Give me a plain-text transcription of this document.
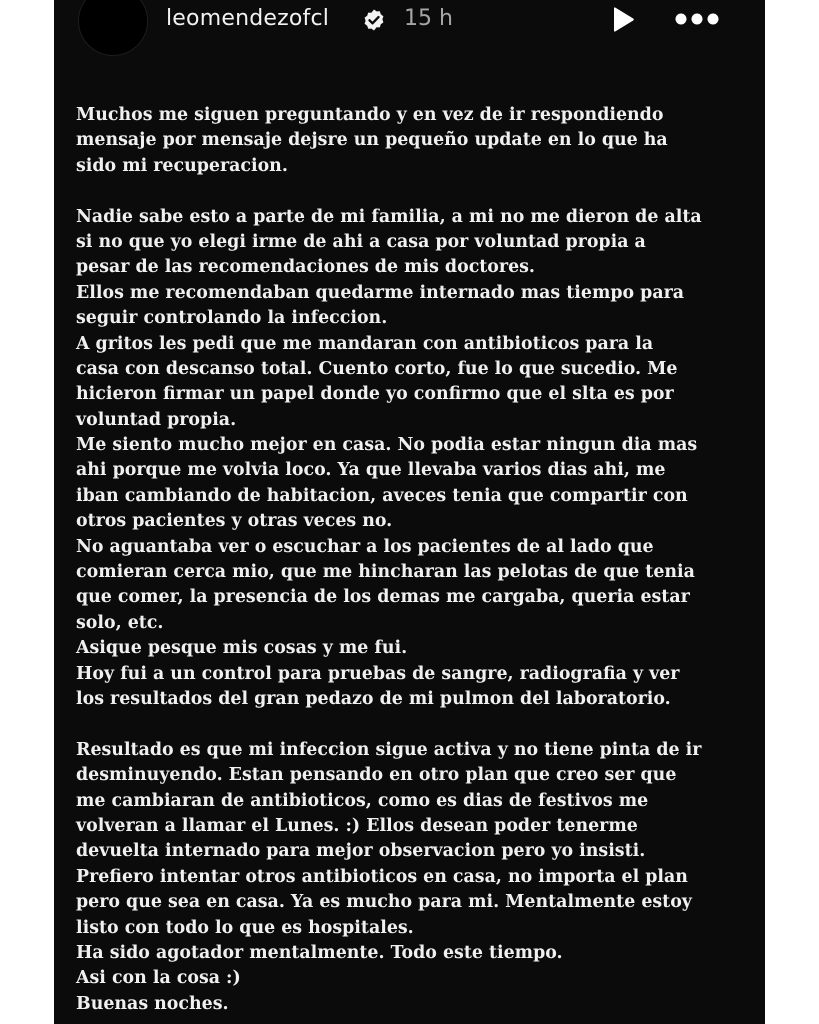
leomendezofcl	15 h
Muchos me siguen preguntando y en vez de ir respondiendo
mensaje por mensaje dejsre un pequeño update en lo que ha
sido mi recuperacion.
Nadie sabe esto a parte de mi familia, a mi no me dieron de alta
si no que yo elegi irme de ahi a casa por voluntad propia a
pesar de las recomendaciones de mis doctores.
Ellos me recomendaban quedarme internado mas tiempo para
seguir controlando la infeccion.
A gritos les pedi que me mandaran con antibioticos para la
casa con descanso total. Cuento corto, fue lo que sucedio. Me
hicieron firmar un papel donde yo confirmo que el slta es por
voluntad propia.
Me siento mucho mejor en casa. No podia estar ningun dia mas
ahi porque me volvia loco. Ya que llevaba varios dias ahi, me
iban cambiando de habitacion, aveces tenia que compartir con
otros pacientes y otras veces no.
No aguantaba ver o escuchar a los pacientes de al lado que
comieran cerca mio, que me hincharan las pelotas de que tenia
que comer, la presencia de los demas me cargaba, queria estar
solo, etc.
Asique pesque mis cosas y me fui.
Hoy fui a un control para pruebas de sangre, radiografia y ver
los resultados del gran pedazo de mi pulmon del laboratorio.
Resultado es que mi infeccion sigue activa y no tiene pinta de ir
desminuyendo. Estan pensando en otro plan que creo ser que
me cambiaran de antibioticos, como es dias de festivos me
volveran a llamar el Lunes. :) Ellos desean poder tenerme
devuelta internado para mejor observacion pero yo insisti.
Prefiero intentar otros antibioticos en casa, no importa el plan
pero que sea en casa. Ya es mucho para mi. Mentalmente estoy
listo con todo lo que es hospitales.
Ha sido agotador mentalmente. Todo este tiempo.
Asi con la cosa :)
Buenas noches.
